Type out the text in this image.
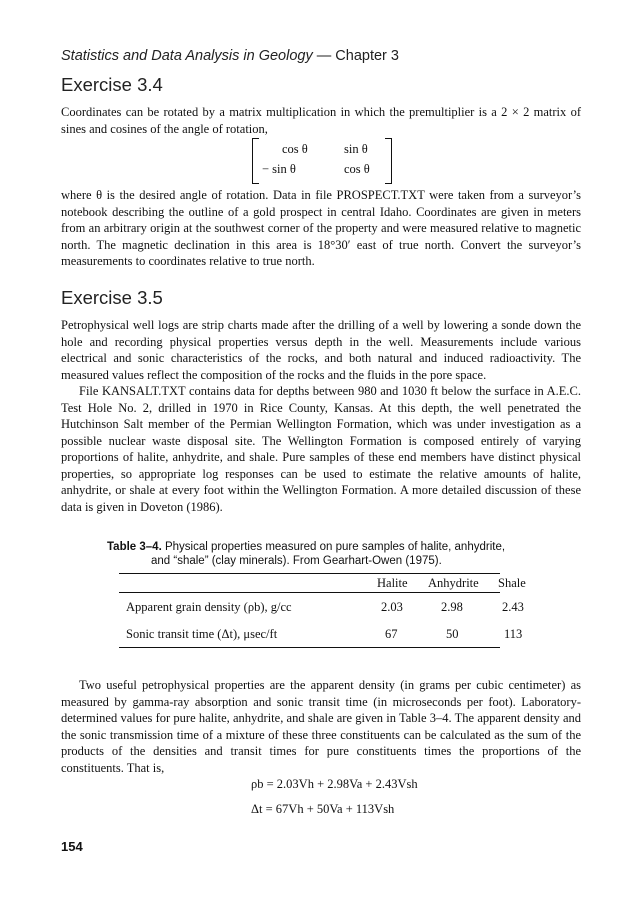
Statistics and Data Analysis in Geology — Chapter 3
Exercise 3.4

Coordinates can be rotated by a matrix multiplication in which the premultiplier is a 2 × 2 matrix of sines and cosines of the angle of rotation,

cos θ	sin θ
− sin θ	cos θ

where θ is the desired angle of rotation. Data in file PROSPECT.TXT were taken from a surveyor’s notebook describing the outline of a gold prospect in central Idaho. Coordinates are given in meters from an arbitrary origin at the southwest corner of the property and were measured relative to magnetic north. The magnetic declination in this area is 18°30′ east of true north. Convert the surveyor’s measurements to coordinates relative to true north.

Exercise 3.5

Petrophysical well logs are strip charts made after the drilling of a well by lowering a sonde down the hole and recording physical properties versus depth in the well. Measurements include various electrical and sonic characteristics of the rocks, and both natural and induced radioactivity. The measured values reflect the composition of the rocks and the fluids in the pore space.

File KANSALT.TXT contains data for depths between 980 and 1030 ft below the surface in A.E.C. Test Hole No. 2, drilled in 1970 in Rice County, Kansas. At this depth, the well penetrated the Hutchinson Salt member of the Permian Wellington Formation, which was under investigation as a possible nuclear waste disposal site. The Wellington Formation is composed entirely of varying proportions of halite, anhydrite, and shale. Pure samples of these end members have distinct physical properties, so appropriate log responses can be used to estimate the relative amounts of halite, anhydrite, or shale at every foot within the Wellington Formation. A more detailed discussion of these data is given in Doveton (1986).

Table 3–4. Physical properties measured on pure samples of halite, anhydrite,
and “shale” (clay minerals). From Gearhart-Owen (1975).
Halite Anhydrite Shale
Apparent grain density (ρb), g/cc	2.03	2.98	2.43
Sonic transit time (Δt), μsec/ft	67	50	113

Two useful petrophysical properties are the apparent density (in grams per cubic centimeter) as measured by gamma-ray absorption and sonic transit time (in microseconds per foot). Laboratory-determined values for pure halite, anhydrite, and shale are given in Table 3–4. The apparent density and the sonic transmission time of a mixture of these three constituents can be calculated as the sum of the products of the densities and transit times for pure constituents times the proportions of the constituents. That is,

ρb = 2.03Vh + 2.98Va + 2.43Vsh
Δt = 67Vh + 50Va + 113Vsh
154
